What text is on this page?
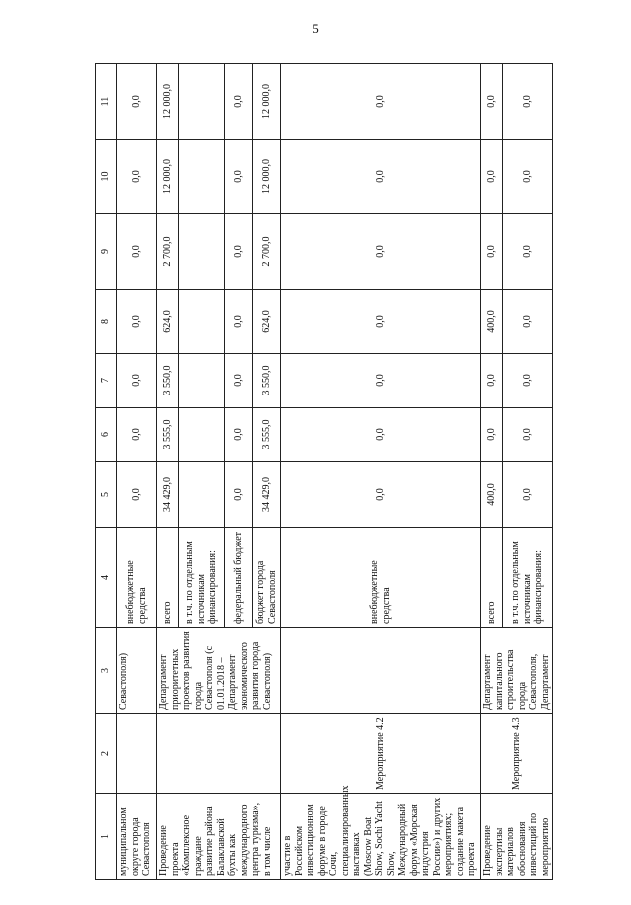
5
1	2	3	4	5	6	7	8	9	10	11
муниципальном округе города Севастополя		Севастополя)	внебюджетные средства	0,0	0,0	0,0	0,0	0,0	0,0	0,0
Проведение проекта «Комплексное граждане развитие района Балаклавской бухты как международного центра туризма», в том числе		Департамент приоритетных проектов развития города Севастополя (с 01.01.2018 – Департамент экономического развития города Севастополя)	всего	34 429,0	3 555,0	3 550,0	624,0	2 700,0	12 000,0	12 000,0
			в т.ч. по отдельным источникам финансирования:							
			федеральный бюджет	0,0	0,0	0,0	0,0	0,0	0,0	0,0
			бюджет города Севастополя	34 429,0	3 555,0	3 550,0	624,0	2 700,0	12 000,0	12 000,0
участие в Российском инвестиционном форуме в городе Сочи, специализированных выставках (Moscow Boat Show, Sochi Yacht Show, Международный форум «Морская индустрия России») и других мероприятиях; создание макета проекта	Мероприятие 4.2		внебюджетные средства	0,0	0,0	0,0	0,0	0,0	0,0	0,0
Проведение экспертизы материалов обоснования инвестиций по мероприятию	Мероприятие 4.3	Департамент капитального строительства города Севастополя, Департамент	всего	400,0	0,0	0,0	400,0	0,0	0,0	0,0
			в т.ч. по отдельным источникам финансирования:	0,0	0,0	0,0	0,0	0,0	0,0	0,0
